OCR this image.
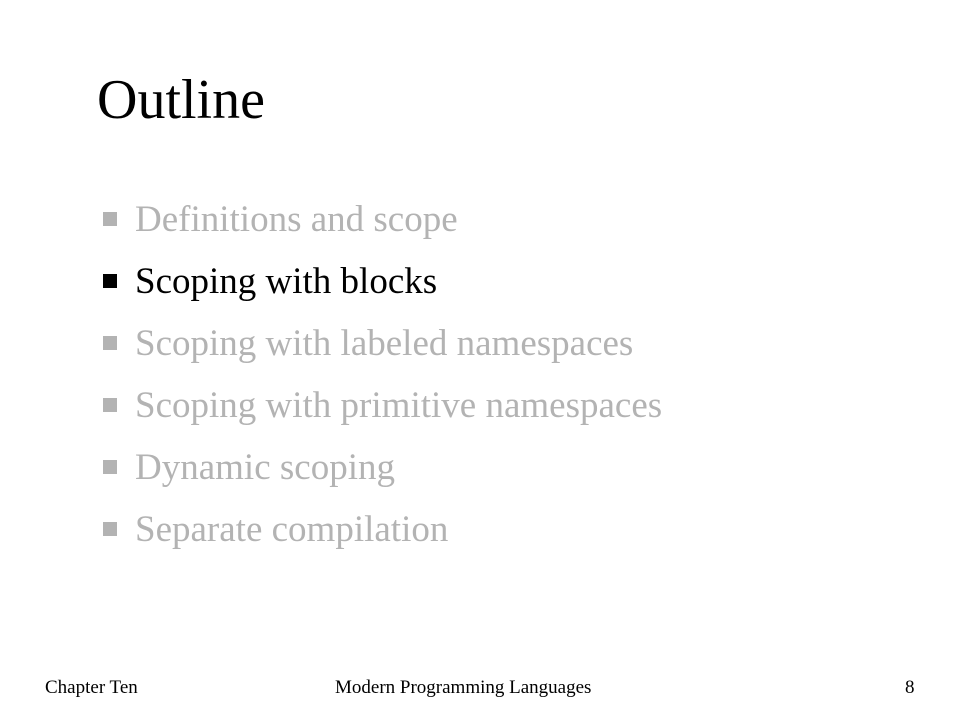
Outline
Definitions and scope
Scoping with blocks
Scoping with labeled namespaces
Scoping with primitive namespaces
Dynamic scoping
Separate compilation
Chapter Ten	Modern Programming Languages	8
